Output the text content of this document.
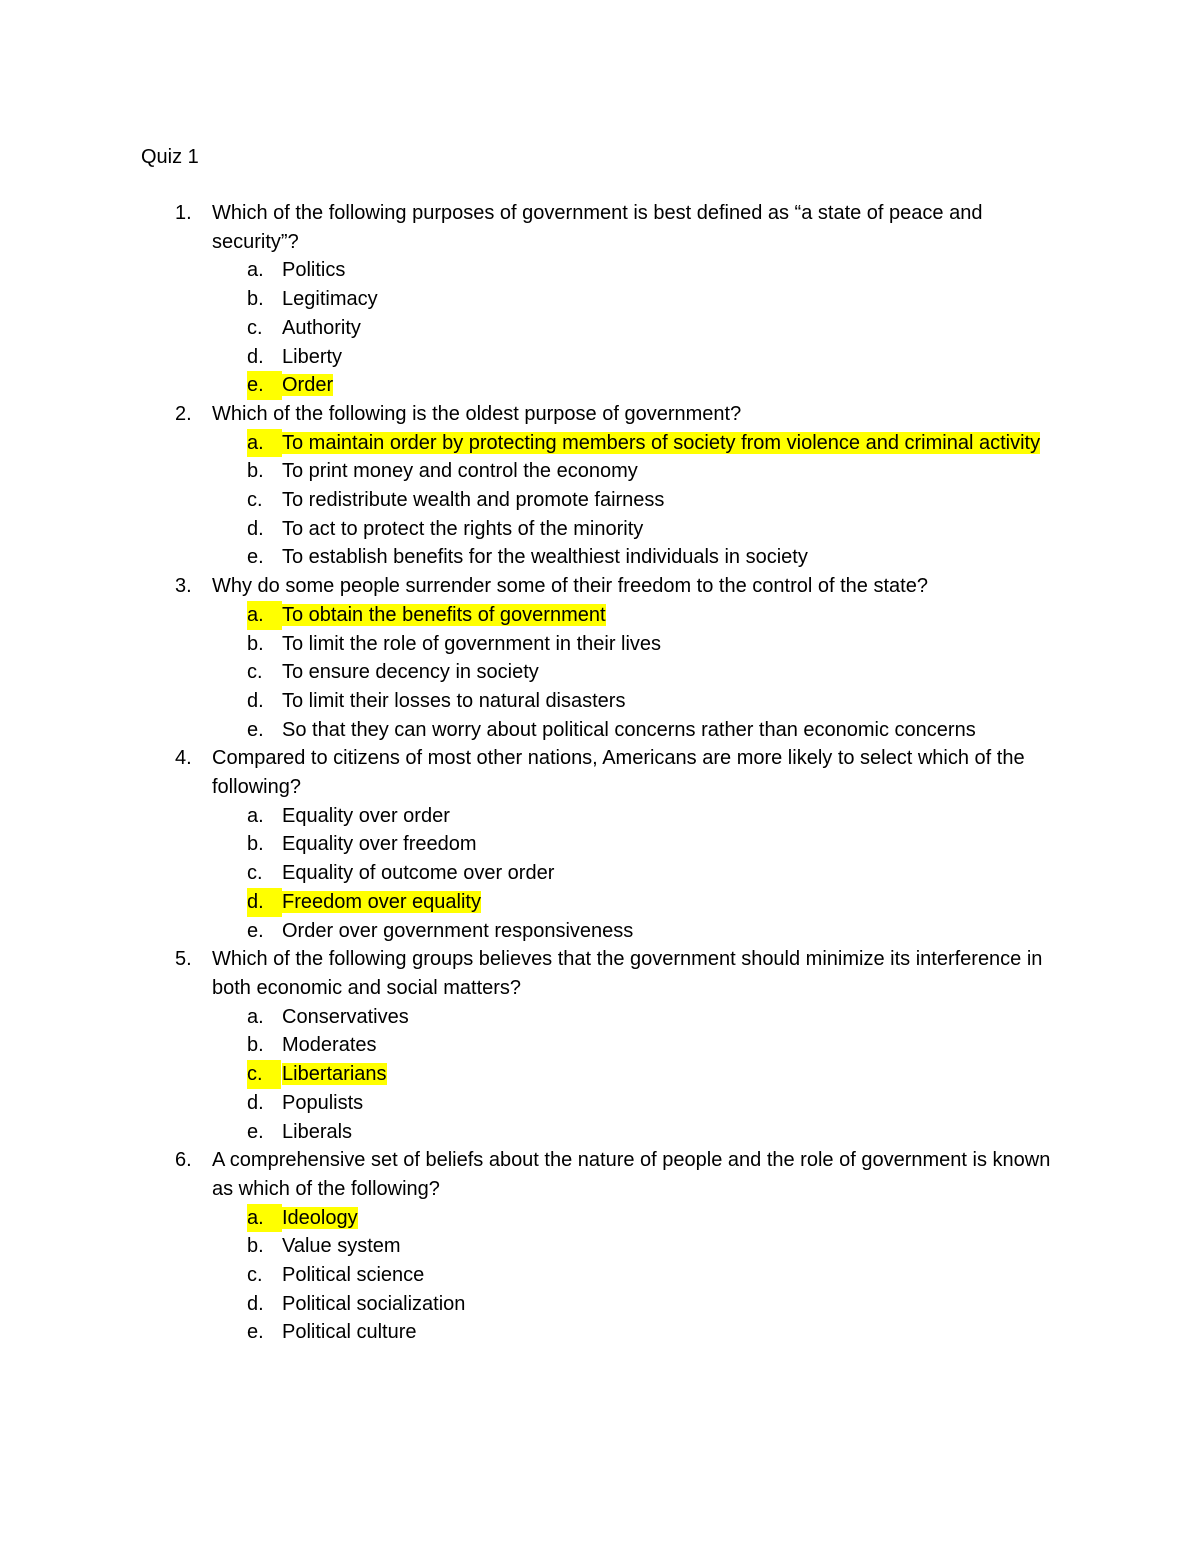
Quiz 1
1. Which of the following purposes of government is best defined as “a state of peace and security”?
a. Politics
b. Legitimacy
c. Authority
d. Liberty
e. Order
2. Which of the following is the oldest purpose of government?
a. To maintain order by protecting members of society from violence and criminal activity
b. To print money and control the economy
c. To redistribute wealth and promote fairness
d. To act to protect the rights of the minority
e. To establish benefits for the wealthiest individuals in society
3. Why do some people surrender some of their freedom to the control of the state?
a. To obtain the benefits of government
b. To limit the role of government in their lives
c. To ensure decency in society
d. To limit their losses to natural disasters
e. So that they can worry about political concerns rather than economic concerns
4. Compared to citizens of most other nations, Americans are more likely to select which of the following?
a. Equality over order
b. Equality over freedom
c. Equality of outcome over order
d. Freedom over equality
e. Order over government responsiveness
5. Which of the following groups believes that the government should minimize its interference in both economic and social matters?
a. Conservatives
b. Moderates
c. Libertarians
d. Populists
e. Liberals
6. A comprehensive set of beliefs about the nature of people and the role of government is known as which of the following?
a. Ideology
b. Value system
c. Political science
d. Political socialization
e. Political culture
